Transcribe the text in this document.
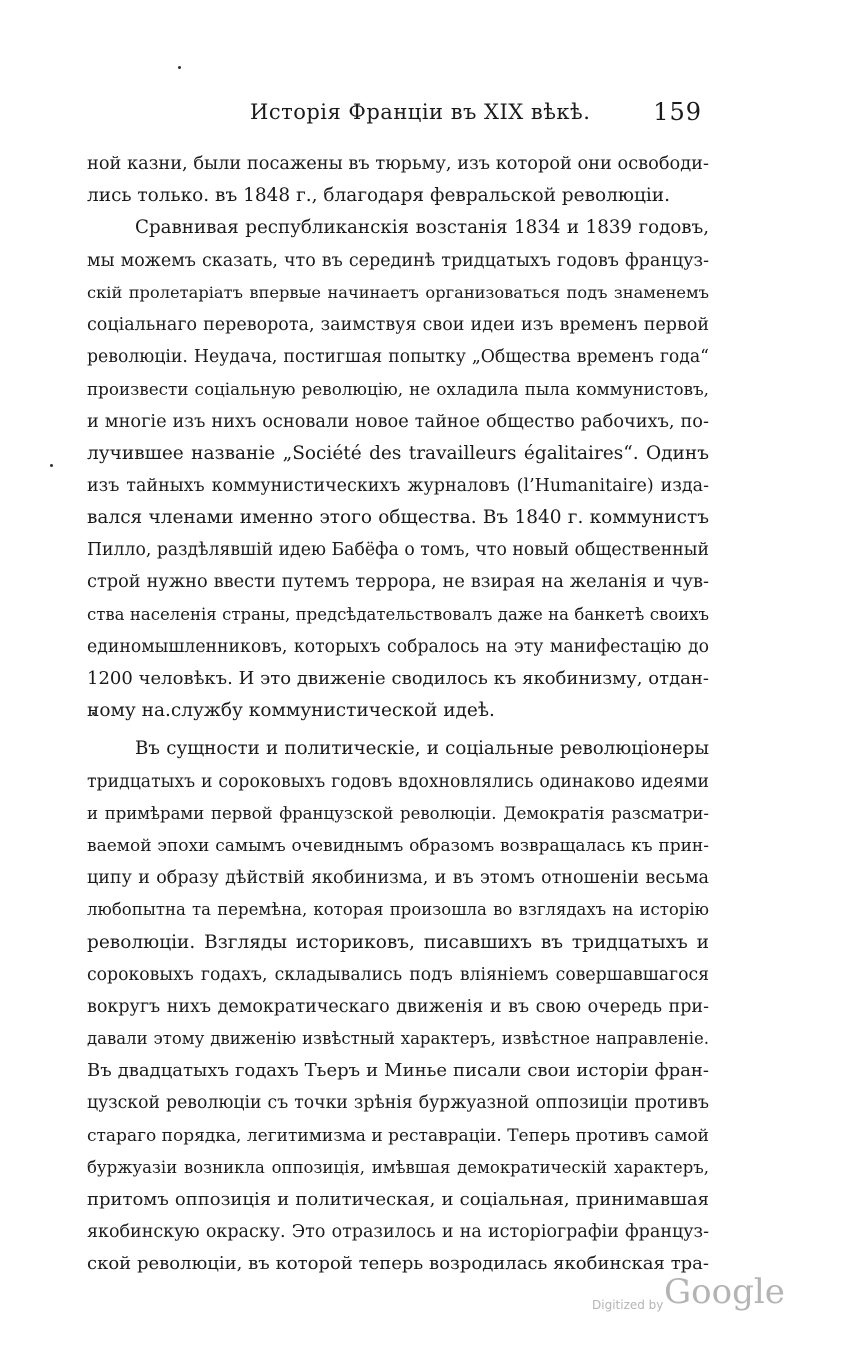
Исторія Франціи въ XIX вѣкѣ.	159
ной казни, были посажены въ тюрьму, изъ которой они освободи-
лись только. въ 1848 г., благодаря февральской революціи.
Сравнивая республиканскія возстанія 1834 и 1839 годовъ,
мы можемъ сказать, что въ серединѣ тридцатыхъ годовъ француз-
скій пролетаріатъ впервые начинаетъ организоваться подъ знаменемъ
соціальнаго переворота, заимствуя свои идеи изъ временъ первой
революціи. Неудача, постигшая попытку „Общества временъ года“
произвести соціальную революцію, не охладила пыла коммунистовъ,
и многіе изъ нихъ основали новое тайное общество рабочихъ, по-
лучившее названіе „Société des travailleurs égalitaires“. Одинъ
изъ тайныхъ коммунистическихъ журналовъ (l’Humanitaire) изда-
вался членами именно этого общества. Въ 1840 г. коммунистъ
Пилло, раздѣлявшій идею Бабёфа о томъ, что новый общественный
строй нужно ввести путемъ террора, не взирая на желанія и чув-
ства населенія страны, предсѣдательствовалъ даже на банкетѣ своихъ
единомышленниковъ, которыхъ собралось на эту манифестацію до
1200 человѣкъ. И это движеніе сводилось къ якобинизму, отдан-
ному на.службу коммунистической идеѣ.
Въ сущности и политическіе, и соціальные революціонеры
тридцатыхъ и сороковыхъ годовъ вдохновлялись одинаково идеями
и примѣрами первой французской революціи. Демократія разсматри-
ваемой эпохи самымъ очевиднымъ образомъ возвращалась къ прин-
ципу и образу дѣйствій якобинизма, и въ этомъ отношеніи весьма
любопытна та перемѣна, которая произошла во взглядахъ на исторію
революціи. Взгляды историковъ, писавшихъ въ тридцатыхъ и
сороковыхъ годахъ, складывались подъ вліяніемъ совершавшагося
вокругъ нихъ демократическаго движенія и въ свою очередь при-
давали этому движенію извѣстный характеръ, извѣстное направленіе.
Въ двадцатыхъ годахъ Тьеръ и Минье писали свои исторіи фран-
цузской революціи съ точки зрѣнія буржуазной оппозиціи противъ
стараго порядка, легитимизма и реставраціи. Теперь противъ самой
буржуазіи возникла оппозиція, имѣвшая демократическій характеръ,
притомъ оппозиція и политическая, и соціальная, принимавшая
якобинскую окраску. Это отразилось и на исторіографіи француз-
ской революціи, въ которой теперь возродилась якобинская тра-
Digitized by Google
